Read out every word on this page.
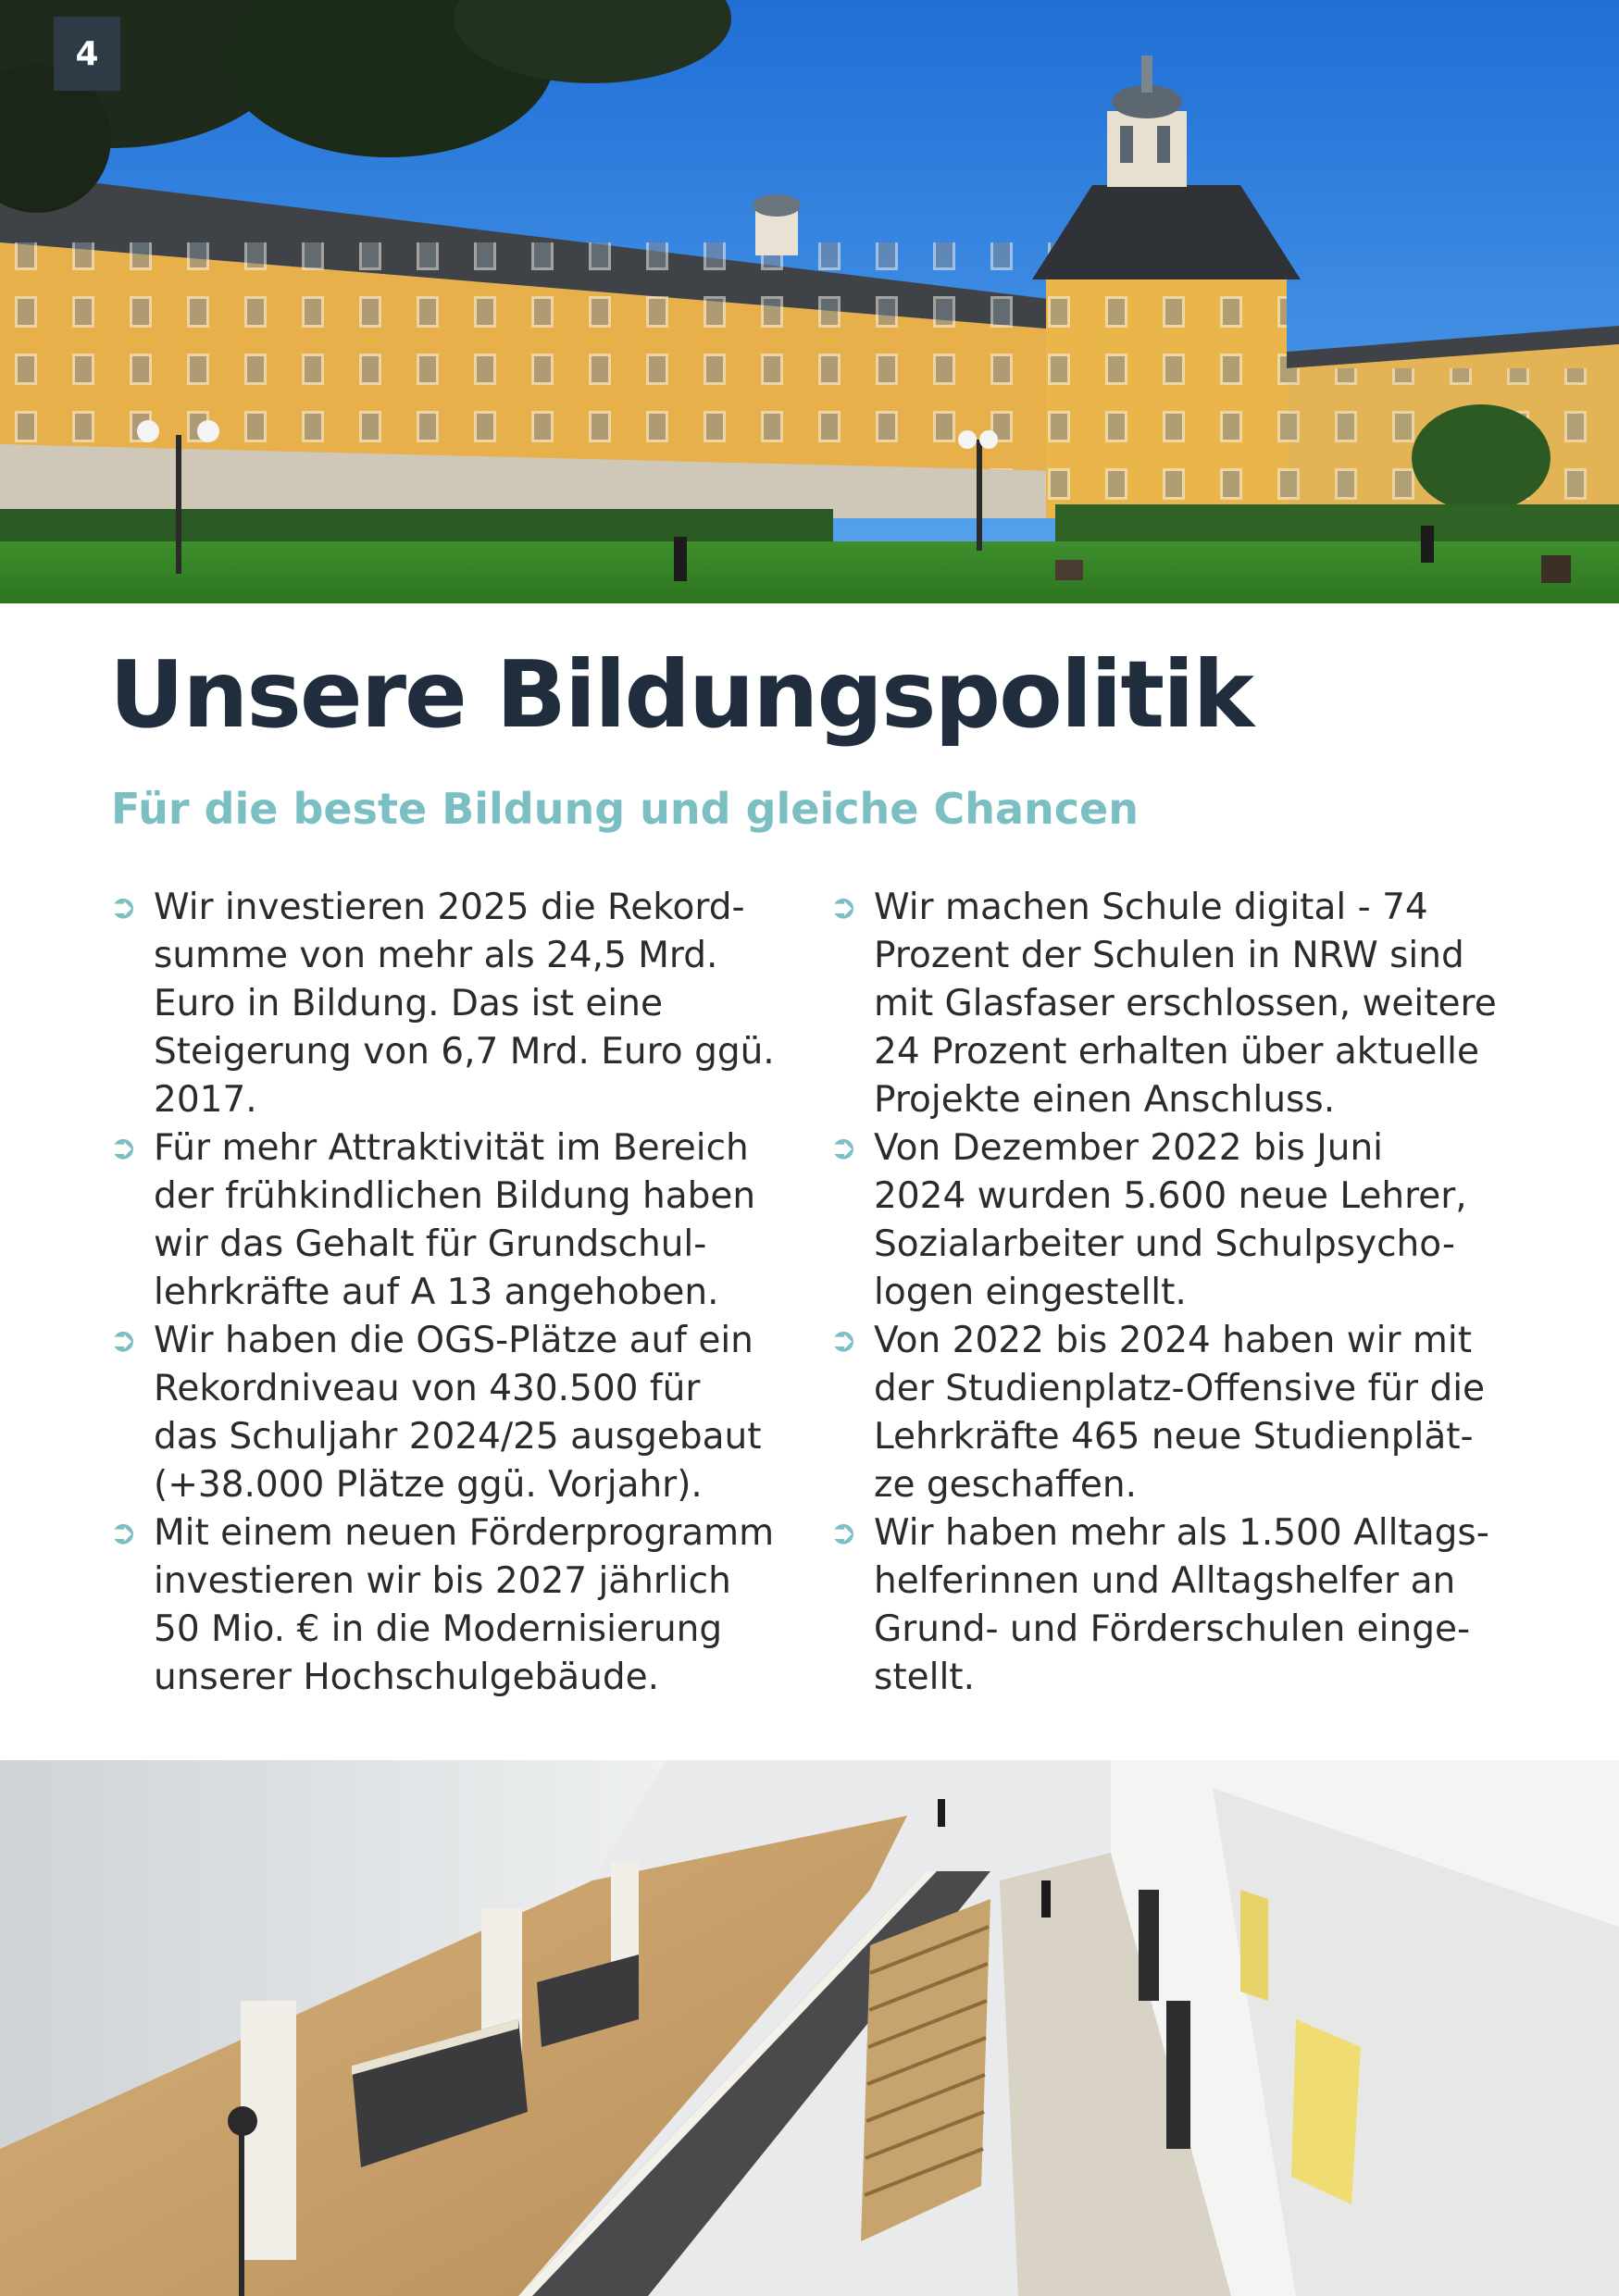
4
Unsere Bildungspolitik
Für die beste Bildung und gleiche Chancen
➲ Wir investieren 2025 die Rekord-
summe von mehr als 24,5 Mrd.
Euro in Bildung. Das ist eine
Steigerung von 6,7 Mrd. Euro ggü.
2017.
➲ Für mehr Attraktivität im Bereich
der frühkindlichen Bildung haben
wir das Gehalt für Grundschul-
lehrkräfte auf A 13 angehoben.
➲ Wir haben die OGS-Plätze auf ein
Rekordniveau von 430.500 für
das Schuljahr 2024/25 ausgebaut
(+38.000 Plätze ggü. Vorjahr).
➲ Mit einem neuen Förderprogramm
investieren wir bis 2027 jährlich
50 Mio. € in die Modernisierung
unserer Hochschulgebäude.
➲ Wir machen Schule digital - 74
Prozent der Schulen in NRW sind
mit Glasfaser erschlossen, weitere
24 Prozent erhalten über aktuelle
Projekte einen Anschluss.
➲ Von Dezember 2022 bis Juni
2024 wurden 5.600 neue Lehrer,
Sozialarbeiter und Schulpsycho-
logen eingestellt.
➲ Von 2022 bis 2024 haben wir mit
der Studienplatz-Offensive für die
Lehrkräfte 465 neue Studienplät-
ze geschaffen.
➲ Wir haben mehr als 1.500 Alltags-
helferinnen und Alltagshelfer an
Grund- und Förderschulen einge-
stellt.
